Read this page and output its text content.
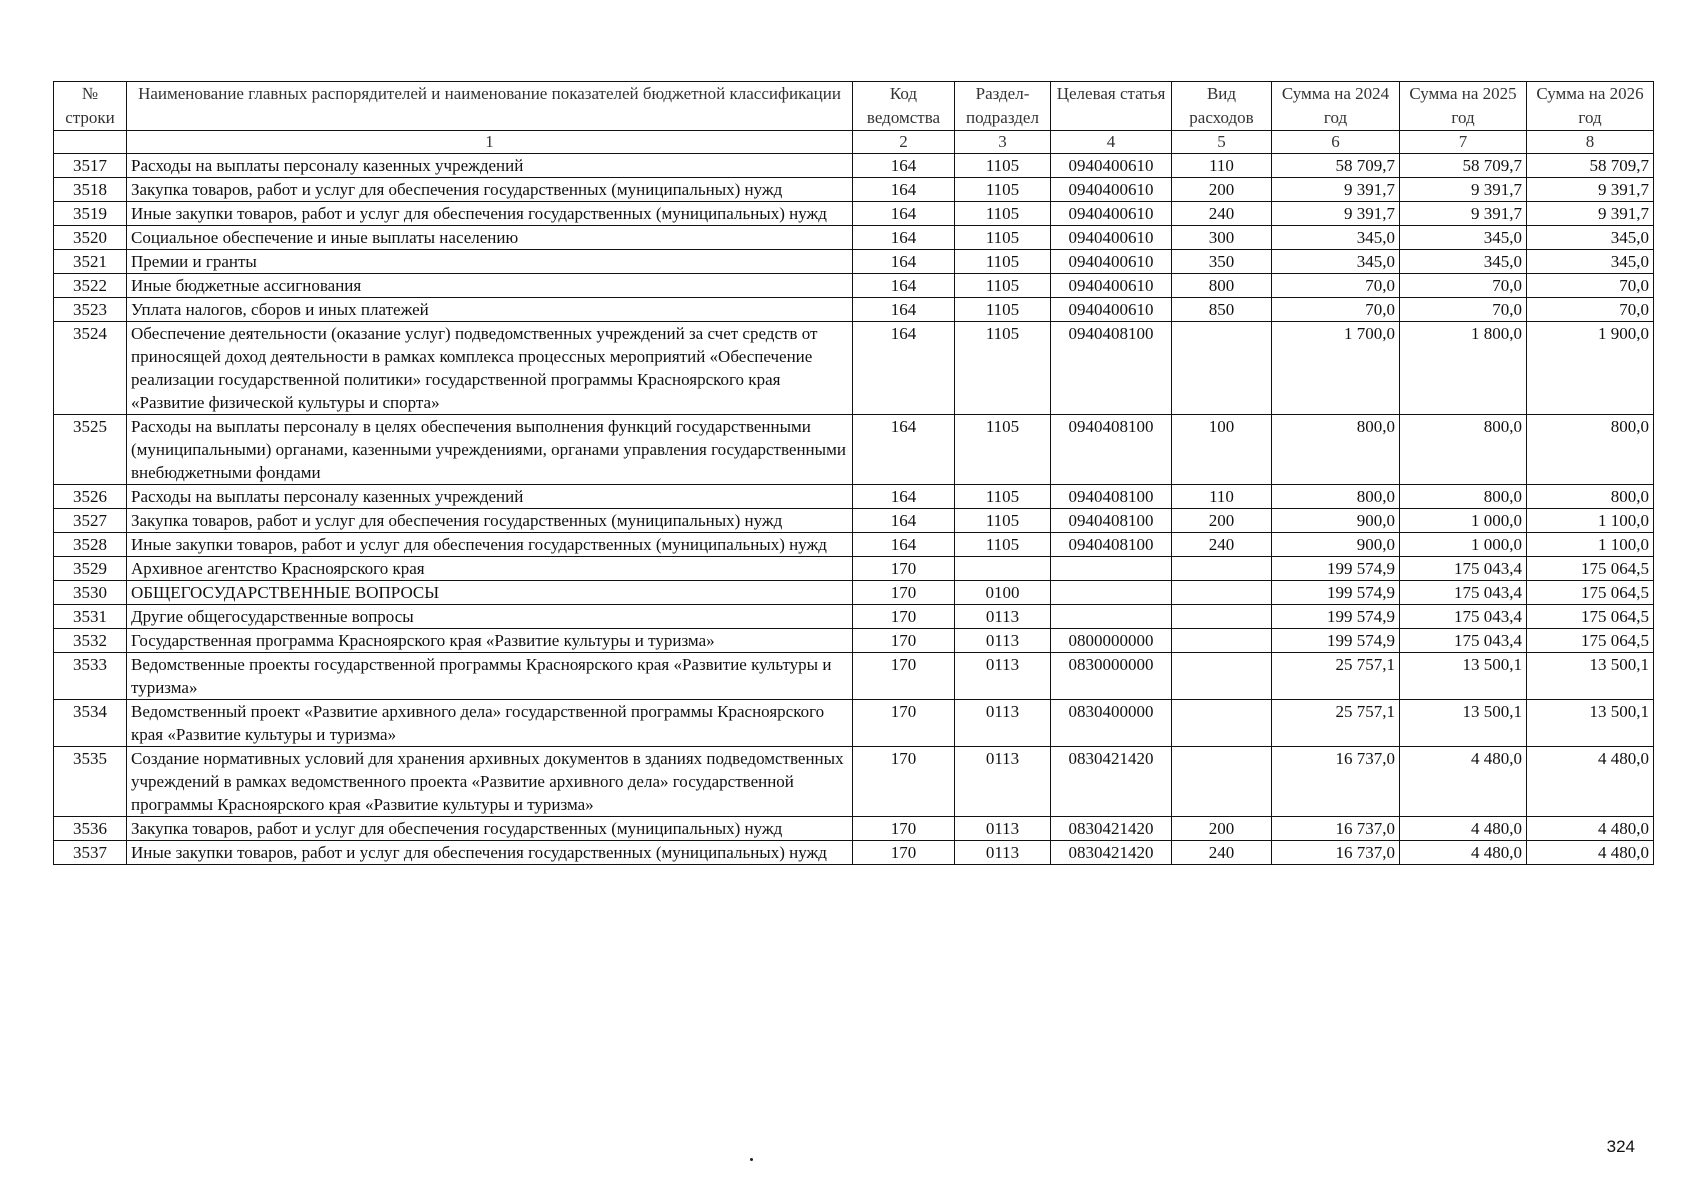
№ строки	Наименование главных распорядителей и наименование показателей бюджетной классификации	Код ведомства	Раздел-подраздел	Целевая статья	Вид расходов	Сумма на 2024 год	Сумма на 2025 год	Сумма на 2026 год
	1	2	3	4	5	6	7	8
3517	Расходы на выплаты персоналу казенных учреждений	164	1105	0940400610	110	58 709,7	58 709,7	58 709,7
3518	Закупка товаров, работ и услуг для обеспечения государственных (муниципальных) нужд	164	1105	0940400610	200	9 391,7	9 391,7	9 391,7
3519	Иные закупки товаров, работ и услуг для обеспечения государственных (муниципальных) нужд	164	1105	0940400610	240	9 391,7	9 391,7	9 391,7
3520	Социальное обеспечение и иные выплаты населению	164	1105	0940400610	300	345,0	345,0	345,0
3521	Премии и гранты	164	1105	0940400610	350	345,0	345,0	345,0
3522	Иные бюджетные ассигнования	164	1105	0940400610	800	70,0	70,0	70,0
3523	Уплата налогов, сборов и иных платежей	164	1105	0940400610	850	70,0	70,0	70,0
3524	Обеспечение деятельности (оказание услуг) подведомственных учреждений за счет средств от приносящей доход деятельности в рамках комплекса процессных мероприятий «Обеспечение реализации государственной политики» государственной программы Красноярского края «Развитие физической культуры и спорта»	164	1105	0940408100		1 700,0	1 800,0	1 900,0
3525	Расходы на выплаты персоналу в целях обеспечения выполнения функций государственными (муниципальными) органами, казенными учреждениями, органами управления государственными внебюджетными фондами	164	1105	0940408100	100	800,0	800,0	800,0
3526	Расходы на выплаты персоналу казенных учреждений	164	1105	0940408100	110	800,0	800,0	800,0
3527	Закупка товаров, работ и услуг для обеспечения государственных (муниципальных) нужд	164	1105	0940408100	200	900,0	1 000,0	1 100,0
3528	Иные закупки товаров, работ и услуг для обеспечения государственных (муниципальных) нужд	164	1105	0940408100	240	900,0	1 000,0	1 100,0
3529	Архивное агентство Красноярского края	170				199 574,9	175 043,4	175 064,5
3530	ОБЩЕГОСУДАРСТВЕННЫЕ ВОПРОСЫ	170	0100			199 574,9	175 043,4	175 064,5
3531	Другие общегосударственные вопросы	170	0113			199 574,9	175 043,4	175 064,5
3532	Государственная программа Красноярского края «Развитие культуры и туризма»	170	0113	0800000000		199 574,9	175 043,4	175 064,5
3533	Ведомственные проекты государственной программы Красноярского края «Развитие культуры и туризма»	170	0113	0830000000		25 757,1	13 500,1	13 500,1
3534	Ведомственный проект «Развитие архивного дела» государственной программы Красноярского края «Развитие культуры и туризма»	170	0113	0830400000		25 757,1	13 500,1	13 500,1
3535	Создание нормативных условий для хранения архивных документов в зданиях подведомственных учреждений в рамках ведомственного проекта «Развитие архивного дела» государственной программы Красноярского края «Развитие культуры и туризма»	170	0113	0830421420		16 737,0	4 480,0	4 480,0
3536	Закупка товаров, работ и услуг для обеспечения государственных (муниципальных) нужд	170	0113	0830421420	200	16 737,0	4 480,0	4 480,0
3537	Иные закупки товаров, работ и услуг для обеспечения государственных (муниципальных) нужд	170	0113	0830421420	240	16 737,0	4 480,0	4 480,0
324
